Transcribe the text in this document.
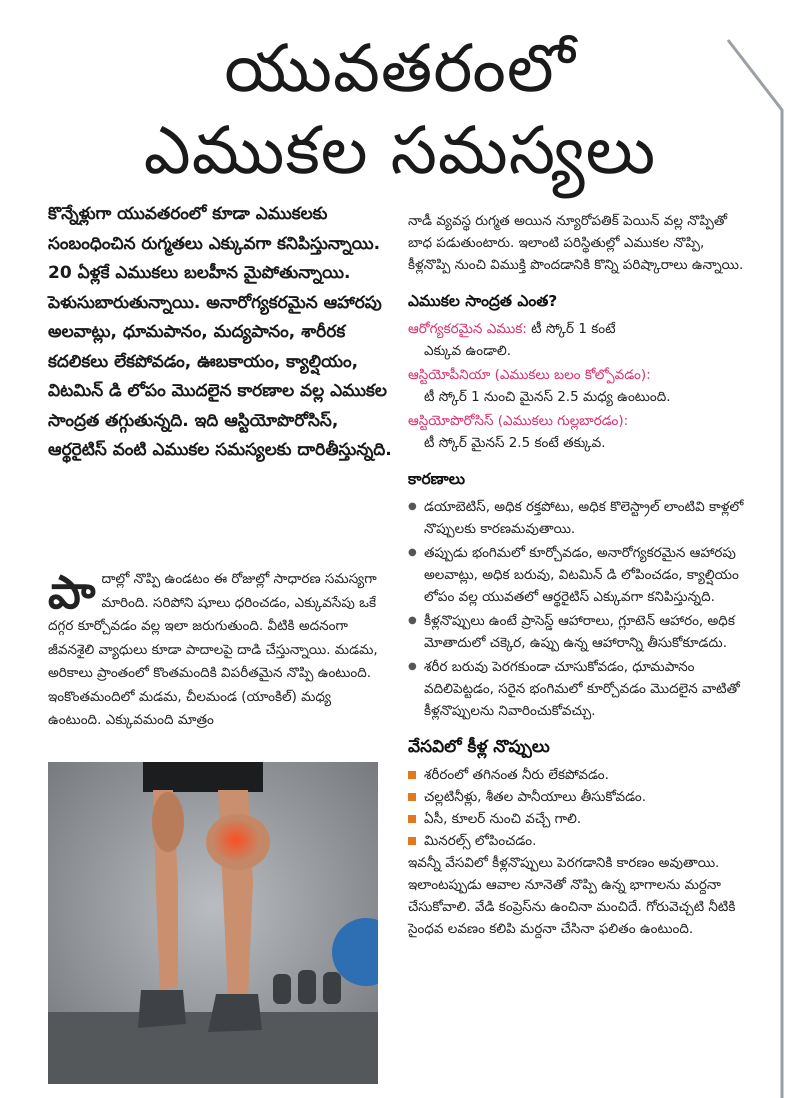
యువతరంలో
ఎముకల సమస్యలు
కొన్నేళ్లుగా యువతరంలో కూడా ఎముకలకు సంబంధించిన రుగ్మతలు ఎక్కువగా కనిపిస్తున్నాయి. 20 ఏళ్లకే ఎముకలు బలహీన మైపోతున్నాయి. పెళుసుబారుతున్నాయి. అనారోగ్యకరమైన ఆహారపు అలవాట్లు, ధూమపానం, మద్యపానం, శారీరక కదలికలు లేకపోవడం, ఊబకాయం, క్యాల్షియం, విటమిన్ డి లోపం మొదలైన కారణాల వల్ల ఎముకల సాంద్రత తగ్గుతున్నది. ఇది ఆస్టియోపొరోసిస్, ఆర్థరైటిస్ వంటి ఎముకల సమస్యలకు దారితీస్తున్నది.
పా దాల్లో నొప్పి ఉండటం ఈ రోజుల్లో సాధారణ సమస్యగా మారింది. సరిపోని షూలు ధరించడం, ఎక్కువసేపు ఒకే దగ్గర కూర్చోవడం వల్ల ఇలా జరుగుతుంది. వీటికి అదనంగా జీవనశైలి వ్యాధులు కూడా పాదాలపై దాడి చేస్తున్నాయి. మడమ, అరికాలు ప్రాంతంలో కొంతమందికి విపరీతమైన నొప్పి ఉంటుంది. ఇంకొంతమందిలో మడమ, చీలమండ (యాంకిల్) మధ్య ఉంటుంది. ఎక్కువమంది మాత్రం

నాడీ వ్యవస్థ రుగ్మత అయిన న్యూరోపతిక్ పెయిన్ వల్ల నొప్పితో బాధ పడుతుంటారు. ఇలాంటి పరిస్థితుల్లో ఎముకల నొప్పి, కీళ్లనొప్పి నుంచి విముక్తి పొందడానికి కొన్ని పరిష్కారాలు ఉన్నాయి.

ఎముకల సాంద్రత ఎంత?
ఆరోగ్యకరమైన ఎముక: టీ స్కోర్ 1 కంటే
ఎక్కువ ఉండాలి.
ఆస్టియోపీనియా (ఎముకలు బలం కోల్పోవడం):
టీ స్కోర్ 1 నుంచి మైనస్ 2.5 మధ్య ఉంటుంది.
ఆస్టియోపొరోసిస్ (ఎముకలు గుల్లబారడం):
టీ స్కోర్ మైనస్ 2.5 కంటే తక్కువ.
కారణాలు
● డయాబెటిస్, అధిక రక్తపోటు, అధిక కొలెస్ట్రాల్ లాంటివి కాళ్లలో నొప్పులకు కారణమవుతాయి.
● తప్పుడు భంగిమలో కూర్చోవడం, అనారోగ్యకరమైన ఆహారపు అలవాట్లు, అధిక బరువు, విటమిన్ డి లోపించడం, క్యాల్షియం లోపం వల్ల యువతలో ఆర్థరైటిస్ ఎక్కువగా కనిపిస్తున్నది.
● కీళ్లనొప్పులు ఉంటే ప్రాసెస్డ్ ఆహారాలు, గ్లూటెన్ ఆహారం, అధిక మోతాదులో చక్కెర, ఉప్పు ఉన్న ఆహారాన్ని తీసుకోకూడదు.
● శరీర బరువు పెరగకుండా చూసుకోవడం, ధూమపానం వదిలిపెట్టడం, సరైన భంగిమలో కూర్చోవడం మొదలైన వాటితో కీళ్లనొప్పులను నివారించుకోవచ్చు.
వేసవిలో కీళ్ల నొప్పులు
శరీరంలో తగినంత నీరు లేకపోవడం.
చల్లటినీళ్లు, శీతల పానీయాలు తీసుకోవడం.
ఏసీ, కూలర్ నుంచి వచ్చే గాలి.
మినరల్స్ లోపించడం.

ఇవన్నీ వేసవిలో కీళ్లనొప్పులు పెరగడానికి కారణం అవుతాయి. ఇలాంటప్పుడు ఆవాల నూనెతో నొప్పి ఉన్న భాగాలను మర్దనా చేసుకోవాలి. వేడి కంప్రెస్‌ను ఉంచినా మంచిదే. గోరువెచ్చటి నీటికి సైంధవ లవణం కలిపి మర్దనా చేసినా ఫలితం ఉంటుంది.
